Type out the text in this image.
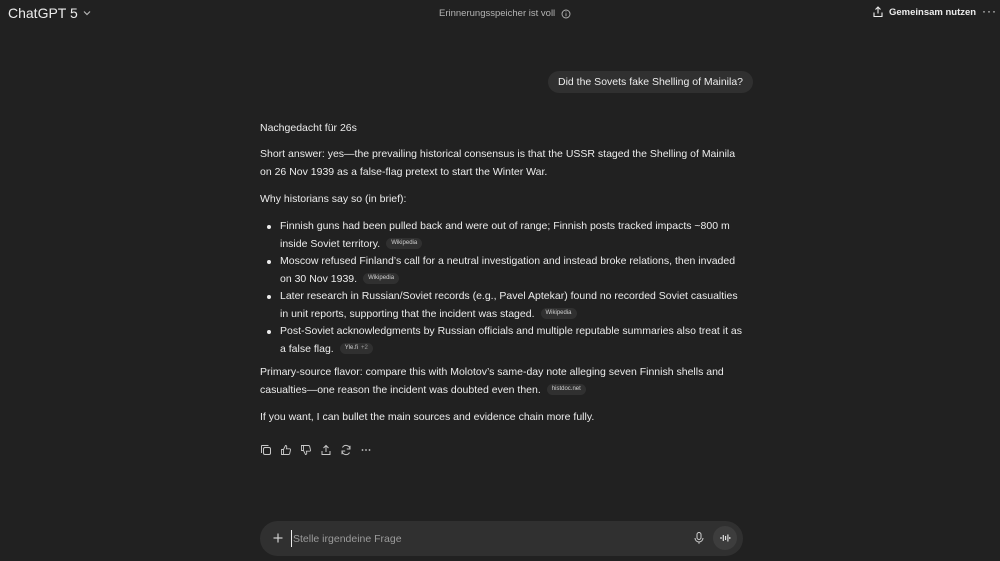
ChatGPT 5	Erinnerungsspeicher ist voll	Gemeinsam nutzen ···
Did the Sovets fake Shelling of Mainila?

Nachgedacht für 26s

Short answer: yes—the prevailing historical consensus is that the USSR staged the Shelling of Mainila on 26 Nov 1939 as a false-flag pretext to start the Winter War.

Why historians say so (in brief):

Finnish guns had been pulled back and were out of range; Finnish posts tracked impacts ~800 m inside Soviet territory. Wikipedia
Moscow refused Finland’s call for a neutral investigation and instead broke relations, then invaded on 30 Nov 1939. Wikipedia
Later research in Russian/Soviet records (e.g., Pavel Aptekar) found no recorded Soviet casualties in unit reports, supporting that the incident was staged. Wikipedia
Post-Soviet acknowledgments by Russian officials and multiple reputable summaries also treat it as a false flag. Yle.fi +2

Primary-source flavor: compare this with Molotov’s same-day note alleging seven Finnish shells and casualties—one reason the incident was doubted even then. histdoc.net

If you want, I can bullet the main sources and evidence chain more fully.

Stelle irgendeine Frage
